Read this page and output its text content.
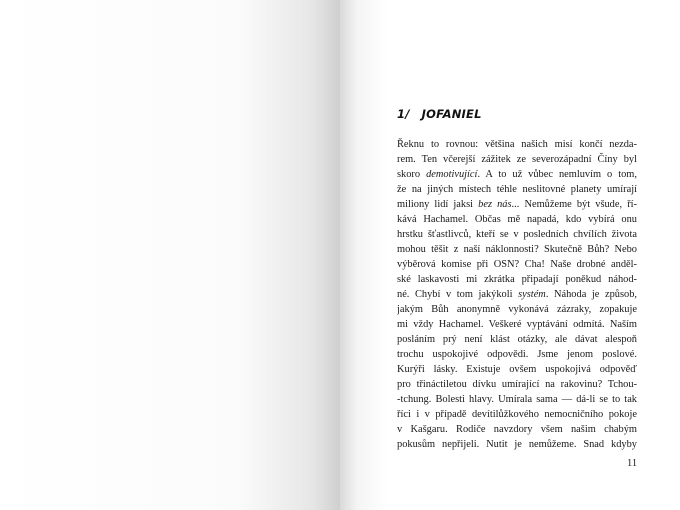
1/ JOFANIEL
Řeknu to rovnou: většina našich misí končí nezda-
rem. Ten včerejší zážitek ze severozápadní Číny byl
skoro demotivující. A to už vůbec nemluvím o tom,
že na jiných místech téhle neslitovné planety umírají
miliony lidí jaksi bez nás... Nemůžeme být všude, ří-
kává Hachamel. Občas mě napadá, kdo vybírá onu
hrstku šťastlivců, kteří se v posledních chvílích života
mohou těšit z naší náklonnosti? Skutečně Bůh? Nebo
výběrová komise při OSN? Cha! Naše drobné anděl-
ské laskavosti mi zkrátka připadají poněkud náhod-
né. Chybí v tom jakýkoli systém. Náhoda je způsob,
jakým Bůh anonymně vykonává zázraky, zopakuje
mi vždy Hachamel. Veškeré vyptávání odmítá. Naším
posláním prý není klást otázky, ale dávat alespoň
trochu uspokojivé odpovědi. Jsme jenom poslové.
Kurýři lásky. Existuje ovšem uspokojivá odpověď
pro třináctiletou dívku umírající na rakovinu? Tchou-
-tchung. Bolesti hlavy. Umírala sama — dá-li se to tak
říci i v případě devítilůžkového nemocničního pokoje
v Kašgaru. Rodiče navzdory všem našim chabým
pokusům nepřijeli. Nutit je nemůžeme. Snad kdyby
11
